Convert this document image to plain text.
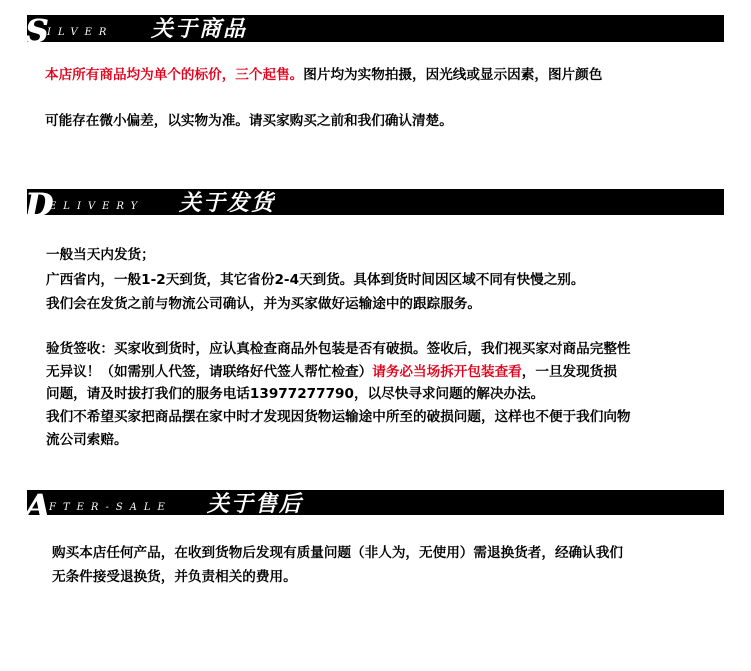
S
ILVER 关于商品
本店所有商品均为单个的标价，三个起售。图片均为实物拍摄，因光线或显示因素，图片颜色
可能存在微小偏差，以实物为准。请买家购买之前和我们确认清楚。
D
ELIVERY 关于发货
一般当天内发货；
广西省内，一般1-2天到货，其它省份2-4天到货。具体到货时间因区域不同有快慢之别。
我们会在发货之前与物流公司确认，并为买家做好运输途中的跟踪服务。
验货签收：买家收到货时，应认真检查商品外包装是否有破损。签收后，我们视买家对商品完整性
无异议！（如需别人代签，请联络好代签人帮忙检查）请务必当场拆开包装查看，一旦发现货损
问题，请及时拔打我们的服务电话13977277790，以尽快寻求问题的解决办法。
我们不希望买家把商品摆在家中时才发现因货物运输途中所至的破损问题，这样也不便于我们向物
流公司索赔。
A FTER-SALE 关于售后
购买本店任何产品，在收到货物后发现有质量问题（非人为，无使用）需退换货者，经确认我们
无条件接受退换货，并负责相关的费用。
